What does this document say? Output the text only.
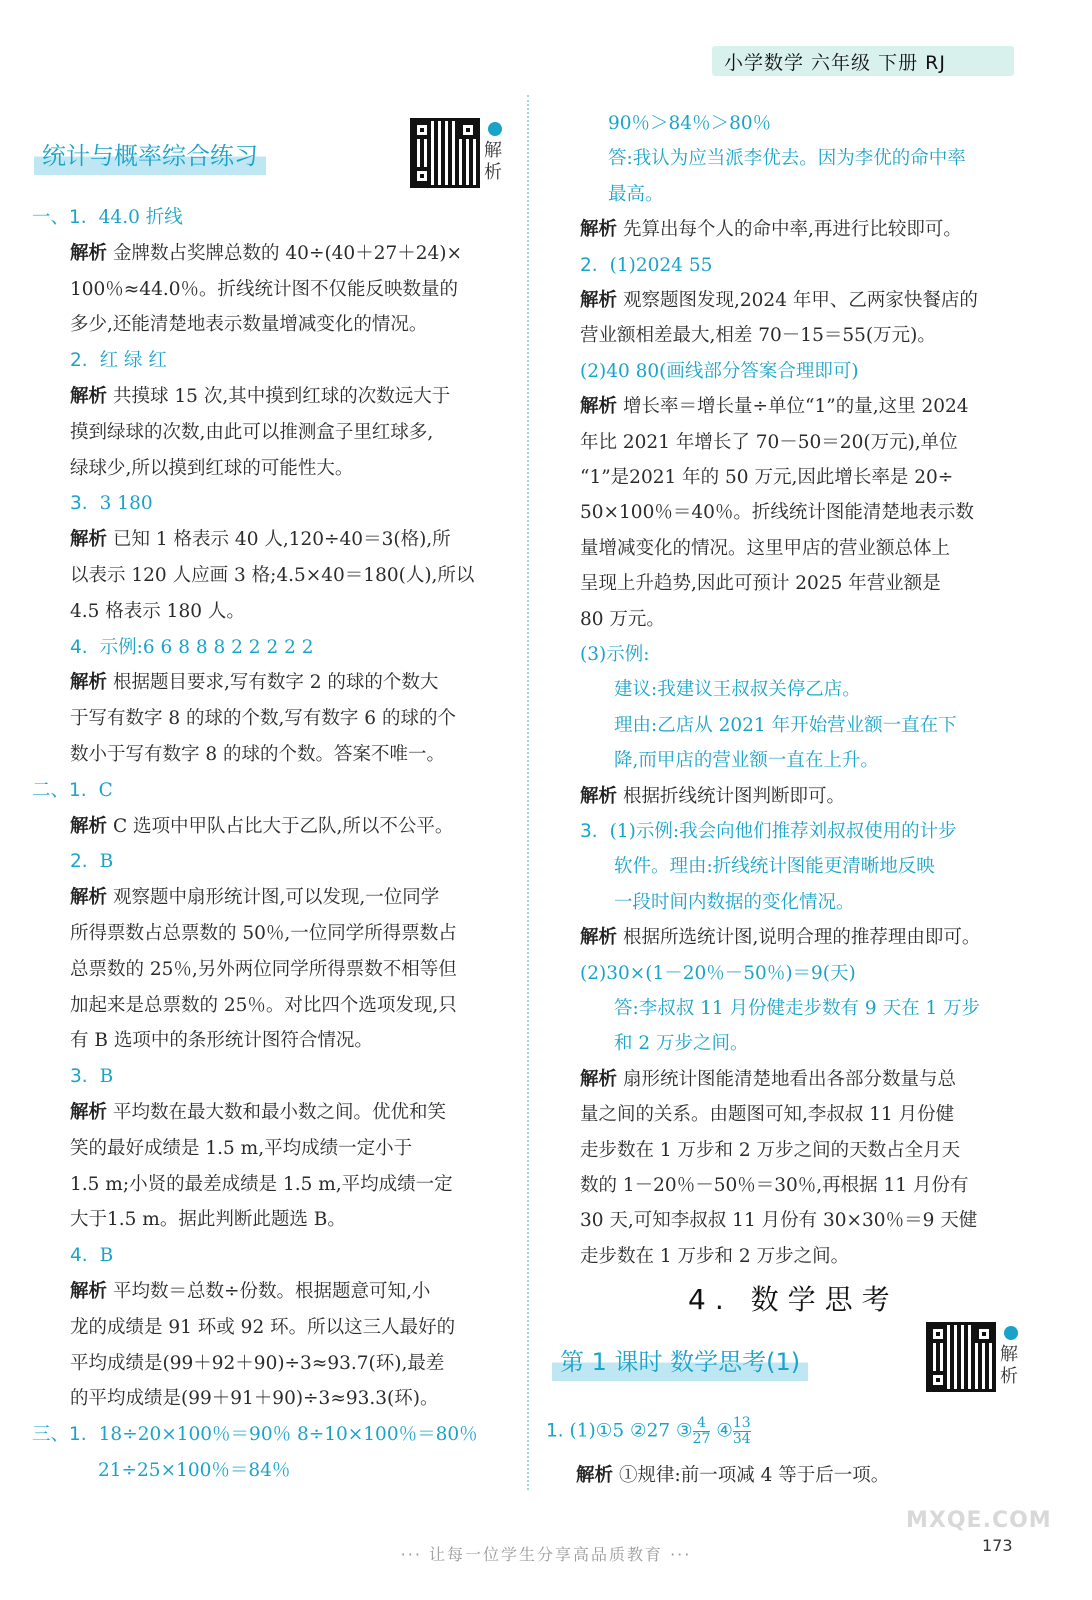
小学数学 六年级 下册 RJ
统计与概率综合练习	解析
一、1. 44.0 折线
解析 金牌数占奖牌总数的 40÷(40＋27＋24)×
100％≈44.0％。折线统计图不仅能反映数量的
多少,还能清楚地表示数量增减变化的情况。
2. 红 绿 红
解析 共摸球 15 次,其中摸到红球的次数远大于
摸到绿球的次数,由此可以推测盒子里红球多,
绿球少,所以摸到红球的可能性大。
3. 3 180
解析 已知 1 格表示 40 人,120÷40＝3(格),所
以表示 120 人应画 3 格;4.5×40＝180(人),所以
4.5 格表示 180 人。
4. 示例:6 6 8 8 8 2 2 2 2 2
解析 根据题目要求,写有数字 2 的球的个数大
于写有数字 8 的球的个数,写有数字 6 的球的个
数小于写有数字 8 的球的个数。答案不唯一。
二、1. C
解析 C 选项中甲队占比大于乙队,所以不公平。
2. B
解析 观察题中扇形统计图,可以发现,一位同学
所得票数占总票数的 50％,一位同学所得票数占
总票数的 25％,另外两位同学所得票数不相等但
加起来是总票数的 25％。对比四个选项发现,只
有 B 选项中的条形统计图符合情况。
3. B
解析 平均数在最大数和最小数之间。优优和笑
笑的最好成绩是 1.5 m,平均成绩一定小于
1.5 m;小贤的最差成绩是 1.5 m,平均成绩一定
大于1.5 m。据此判断此题选 B。
4. B
解析 平均数＝总数÷份数。根据题意可知,小
龙的成绩是 91 环或 92 环。所以这三人最好的
平均成绩是(99＋92＋90)÷3≈93.7(环),最差
的平均成绩是(99＋91＋90)÷3≈93.3(环)。
三、1. 18÷20×100％＝90％ 8÷10×100％＝80％
21÷25×100％＝84％
90％＞84％＞80％
答:我认为应当派李优去。因为李优的命中率
最高。
解析 先算出每个人的命中率,再进行比较即可。
2. (1)2024 55
解析 观察题图发现,2024 年甲、乙两家快餐店的
营业额相差最大,相差 70－15＝55(万元)。
(2)40 80(画线部分答案合理即可)
解析 增长率＝增长量÷单位“1”的量,这里 2024
年比 2021 年增长了 70－50＝20(万元),单位
“1”是2021 年的 50 万元,因此增长率是 20÷
50×100％＝40％。折线统计图能清楚地表示数
量增减变化的情况。这里甲店的营业额总体上
呈现上升趋势,因此可预计 2025 年营业额是
80 万元。
(3)示例:
建议:我建议王叔叔关停乙店。
理由:乙店从 2021 年开始营业额一直在下
降,而甲店的营业额一直在上升。
解析 根据折线统计图判断即可。
3. (1)示例:我会向他们推荐刘叔叔使用的计步
软件。理由:折线统计图能更清晰地反映
一段时间内数据的变化情况。
解析 根据所选统计图,说明合理的推荐理由即可。
(2)30×(1－20％－50％)＝9(天)
答:李叔叔 11 月份健走步数有 9 天在 1 万步
和 2 万步之间。
解析 扇形统计图能清楚地看出各部分数量与总
量之间的关系。由题图可知,李叔叔 11 月份健
走步数在 1 万步和 2 万步之间的天数占全月天
数的 1－20％－50％＝30％,再根据 11 月份有
30 天,可知李叔叔 11 月份有 30×30％＝9 天健
走步数在 1 万步和 2 万步之间。
4. 数学思考
第 1 课时 数学思考(1)	解析
1. (1)①5 ②27 ③ $\frac{4}{27}$ ④ $\frac{13}{34}$
解析 ①规律:前一项减 4 等于后一项。
··· 让每一位学生分享高品质教育 ···
MXQE.COM
173
